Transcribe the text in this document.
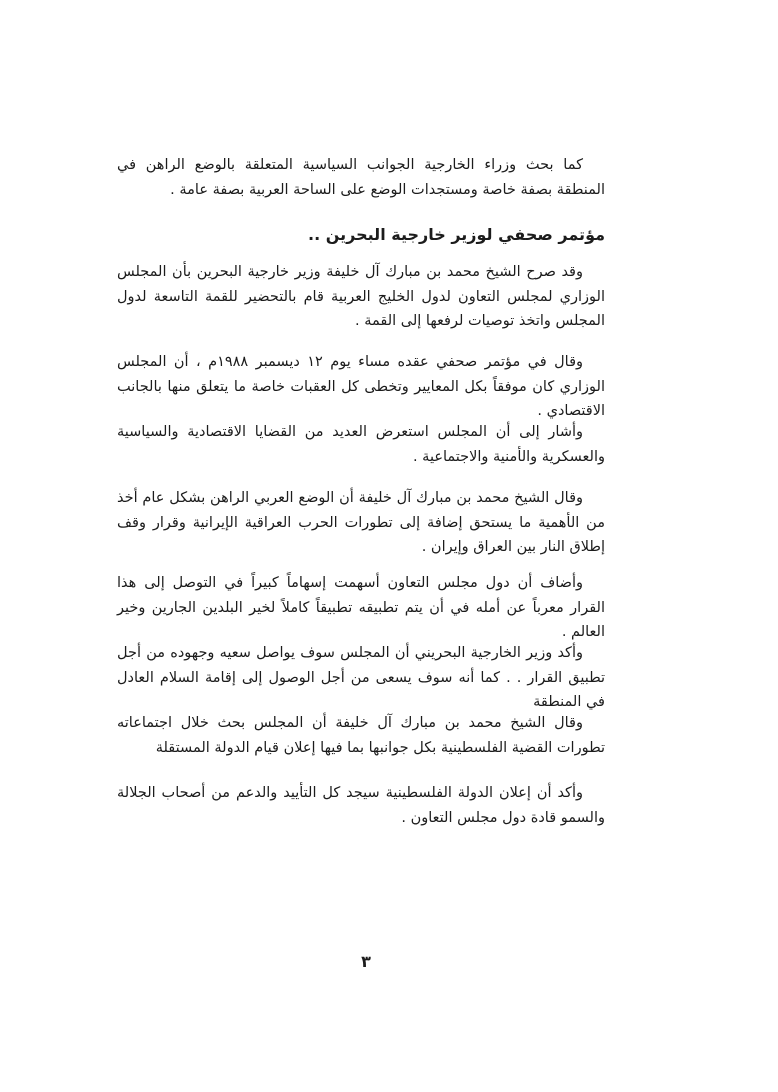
كما بحث وزراء الخارجية الجوانب السياسية المتعلقة بالوضع الراهن في المنطقة بصفة خاصة ومستجدات الوضع على الساحة العربية بصفة عامة .

مؤتمر صحفي لوزير خارجية البحرين ..

وقد صرح الشيخ محمد بن مبارك آل خليفة وزير خارجية البحرين بأن المجلس الوزاري لمجلس التعاون لدول الخليج العربية قام بالتحضير للقمة التاسعة لدول المجلس واتخذ توصيات لرفعها إلى القمة .

وقال في مؤتمر صحفي عقده مساء يوم ١٢ ديسمبر ١٩٨٨م ، أن المجلس الوزاري كان موفقاً بكل المعايير وتخطى كل العقبات خاصة ما يتعلق منها بالجانب الاقتصادي .

وأشار إلى أن المجلس استعرض العديد من القضايا الاقتصادية والسياسية والعسكرية والأمنية والاجتماعية .

وقال الشيخ محمد بن مبارك آل خليفة أن الوضع العربي الراهن بشكل عام أخذ من الأهمية ما يستحق إضافة إلى تطورات الحرب العراقية الإيرانية وقرار وقف إطلاق النار بين العراق وإيران .

وأضاف أن دول مجلس التعاون أسهمت إسهاماً كبيراً في التوصل إلى هذا القرار معرباً عن أمله في أن يتم تطبيقه تطبيقاً كاملاً لخير البلدين الجارين وخير العالم .

وأكد وزير الخارجية البحريني أن المجلس سوف يواصل سعيه وجهوده من أجل تطبيق القرار . . كما أنه سوف يسعى من أجل الوصول إلى إقامة السلام العادل في المنطقة

وقال الشيخ محمد بن مبارك آل خليفة أن المجلس بحث خلال اجتماعاته تطورات القضية الفلسطينية بكل جوانبها بما فيها إعلان قيام الدولة المستقلة

وأكد أن إعلان الدولة الفلسطينية سيجد كل التأييد والدعم من أصحاب الجلالة والسمو قادة دول مجلس التعاون .

٣
